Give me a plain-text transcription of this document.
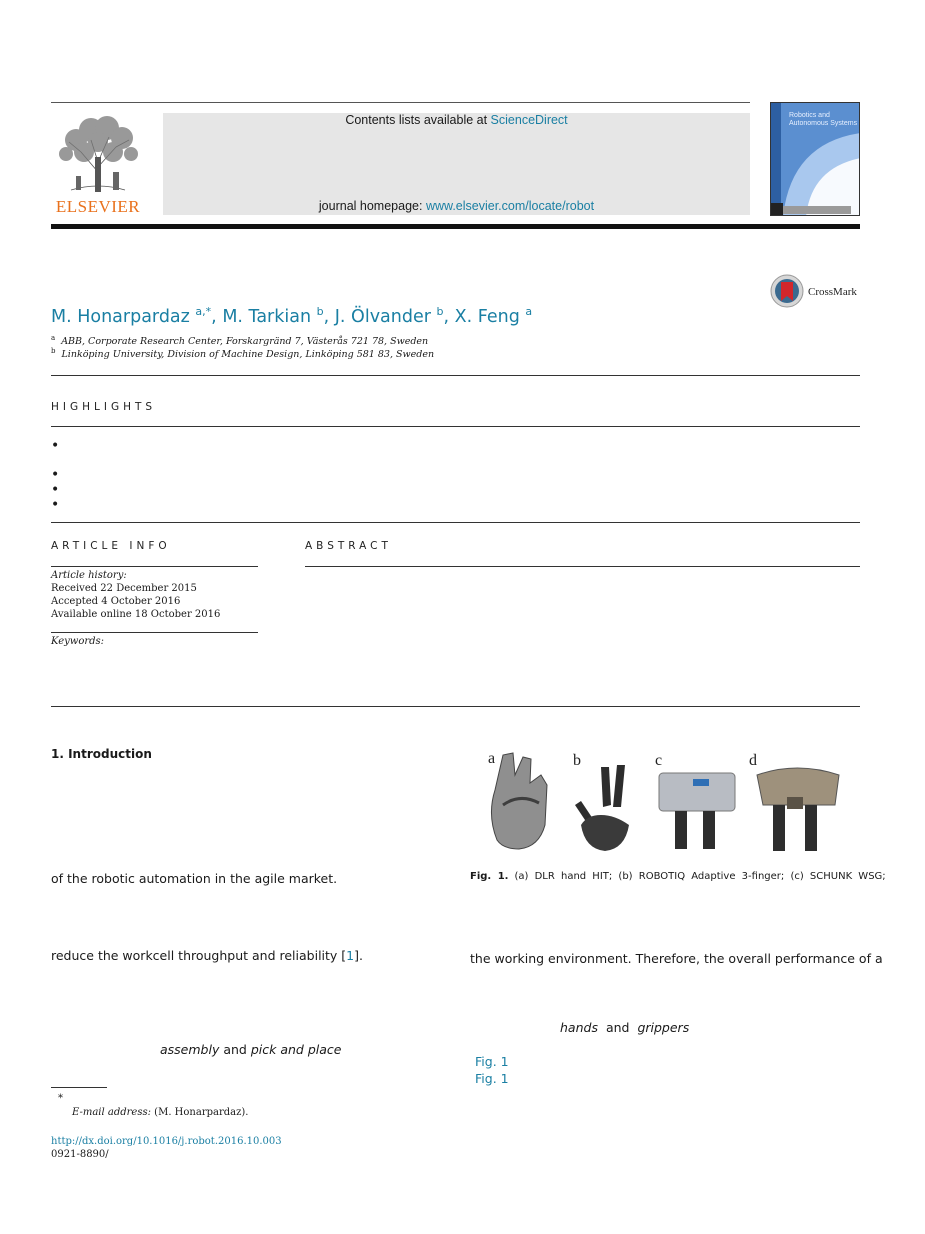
ELSEVIER
Contents lists available at ScienceDirect
journal homepage: www.elsevier.com/locate/robot
Robotics and Autonomous Systems
CrossMark
M. Honarpardaz $^{a,*}$, M. Tarkian $^b$, J. Ölvander $^b$, X. Feng $^a$
$^a$ ABB, Corporate Research Center, Forskargränd 7, Västerås 721 78, Sweden
$^b$ Linköping University, Division of Machine Design, Linköping 581 83, Sweden
HIGHLIGHTS
•
•
•
•
ARTICLE INFO	ABSTRACT
Article history:
Received 22 December 2015
Accepted 4 October 2016
Available online 18 October 2016
Keywords:
1. Introduction
of the robotic automation in the agile market.
reduce the workcell throughput and reliability [1].
assembly and pick and place
a	b	c	d
Fig. 1. (a) DLR hand HIT; (b) ROBOTIQ Adaptive 3-finger; (c) SCHUNK WSG;
the working environment. Therefore, the overall performance of a
hands and grippers
Fig. 1
Fig. 1
*
E-mail address: (M. Honarpardaz).
http://dx.doi.org/10.1016/j.robot.2016.10.003
0921-8890/
